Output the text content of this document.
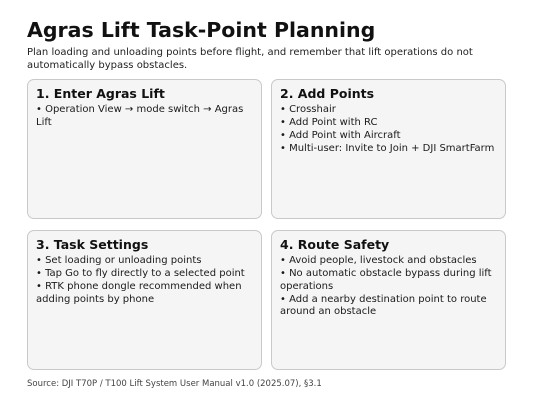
Agras Lift Task-Point Planning

Plan loading and unloading points before flight, and remember that lift operations do not automatically bypass obstacles.

1. Enter Agras Lift
• Operation View → mode switch → Agras Lift
2. Add Points
• Crosshair
• Add Point with RC
• Add Point with Aircraft
• Multi-user: Invite to Join + DJI SmartFarm
3. Task Settings
• Set loading or unloading points
• Tap Go to fly directly to a selected point
• RTK phone dongle recommended when adding points by phone
4. Route Safety
• Avoid people, livestock and obstacles
• No automatic obstacle bypass during lift operations
• Add a nearby destination point to route around an obstacle

Source: DJI T70P / T100 Lift System User Manual v1.0 (2025.07), §3.1
